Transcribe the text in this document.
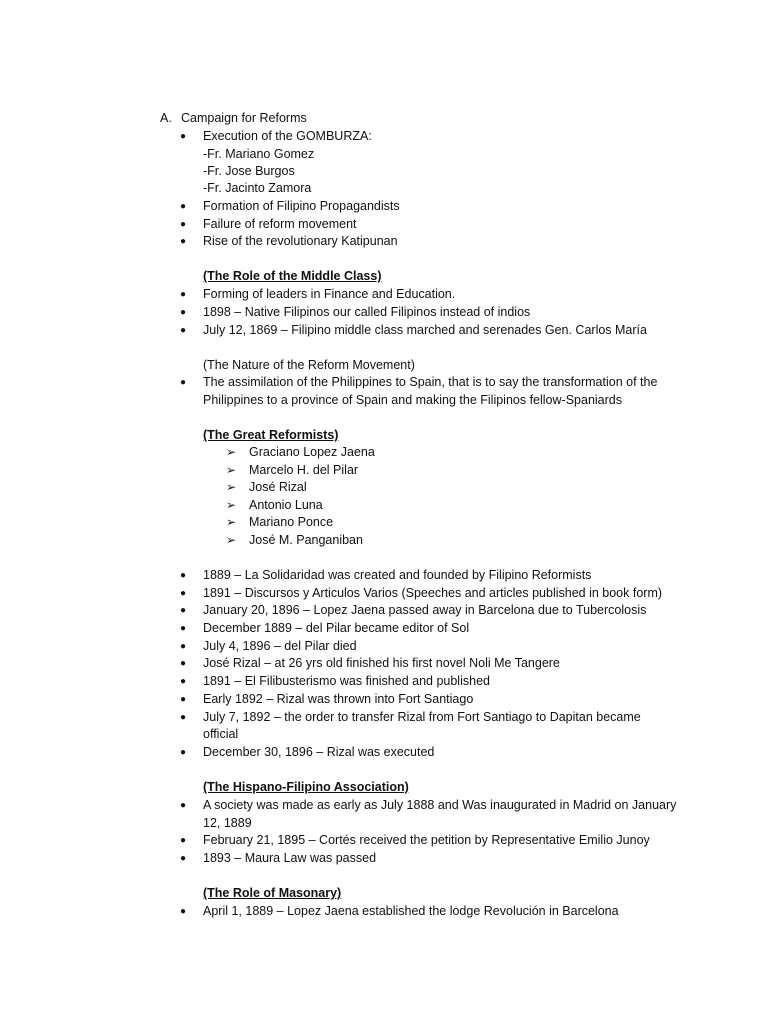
A. Campaign for Reforms
● Execution of the GOMBURZA:
-Fr. Mariano Gomez
-Fr. Jose Burgos
-Fr. Jacinto Zamora
● Formation of Filipino Propagandists
● Failure of reform movement
● Rise of the revolutionary Katipunan
(The Role of the Middle Class)
● Forming of leaders in Finance and Education.
● 1898 – Native Filipinos our called Filipinos instead of indios
● July 12, 1869 – Filipino middle class marched and serenades Gen. Carlos María
(The Nature of the Reform Movement)
● The assimilation of the Philippines to Spain, that is to say the transformation of the
Philippines to a province of Spain and making the Filipinos fellow-Spaniards
(The Great Reformists)
➢ Graciano Lopez Jaena
➢ Marcelo H. del Pilar
➢ José Rizal
➢ Antonio Luna
➢ Mariano Ponce
➢ José M. Panganiban
● 1889 – La Solidaridad was created and founded by Filipino Reformists
● 1891 – Discursos y Articulos Varios (Speeches and articles published in book form)
● January 20, 1896 – Lopez Jaena passed away in Barcelona due to Tubercolosis
● December 1889 – del Pilar became editor of Sol
● July 4, 1896 – del Pilar died
● José Rizal – at 26 yrs old finished his first novel Noli Me Tangere
● 1891 – El Filibusterismo was finished and published
● Early 1892 – Rizal was thrown into Fort Santiago
● July 7, 1892 – the order to transfer Rizal from Fort Santiago to Dapitan became
official
● December 30, 1896 – Rizal was executed
(The Hispano-Filipino Association)
● A society was made as early as July 1888 and Was inaugurated in Madrid on January
12, 1889
● February 21, 1895 – Cortés received the petition by Representative Emilio Junoy
● 1893 – Maura Law was passed
(The Role of Masonary)
● April 1, 1889 – Lopez Jaena established the lodge Revolución in Barcelona
